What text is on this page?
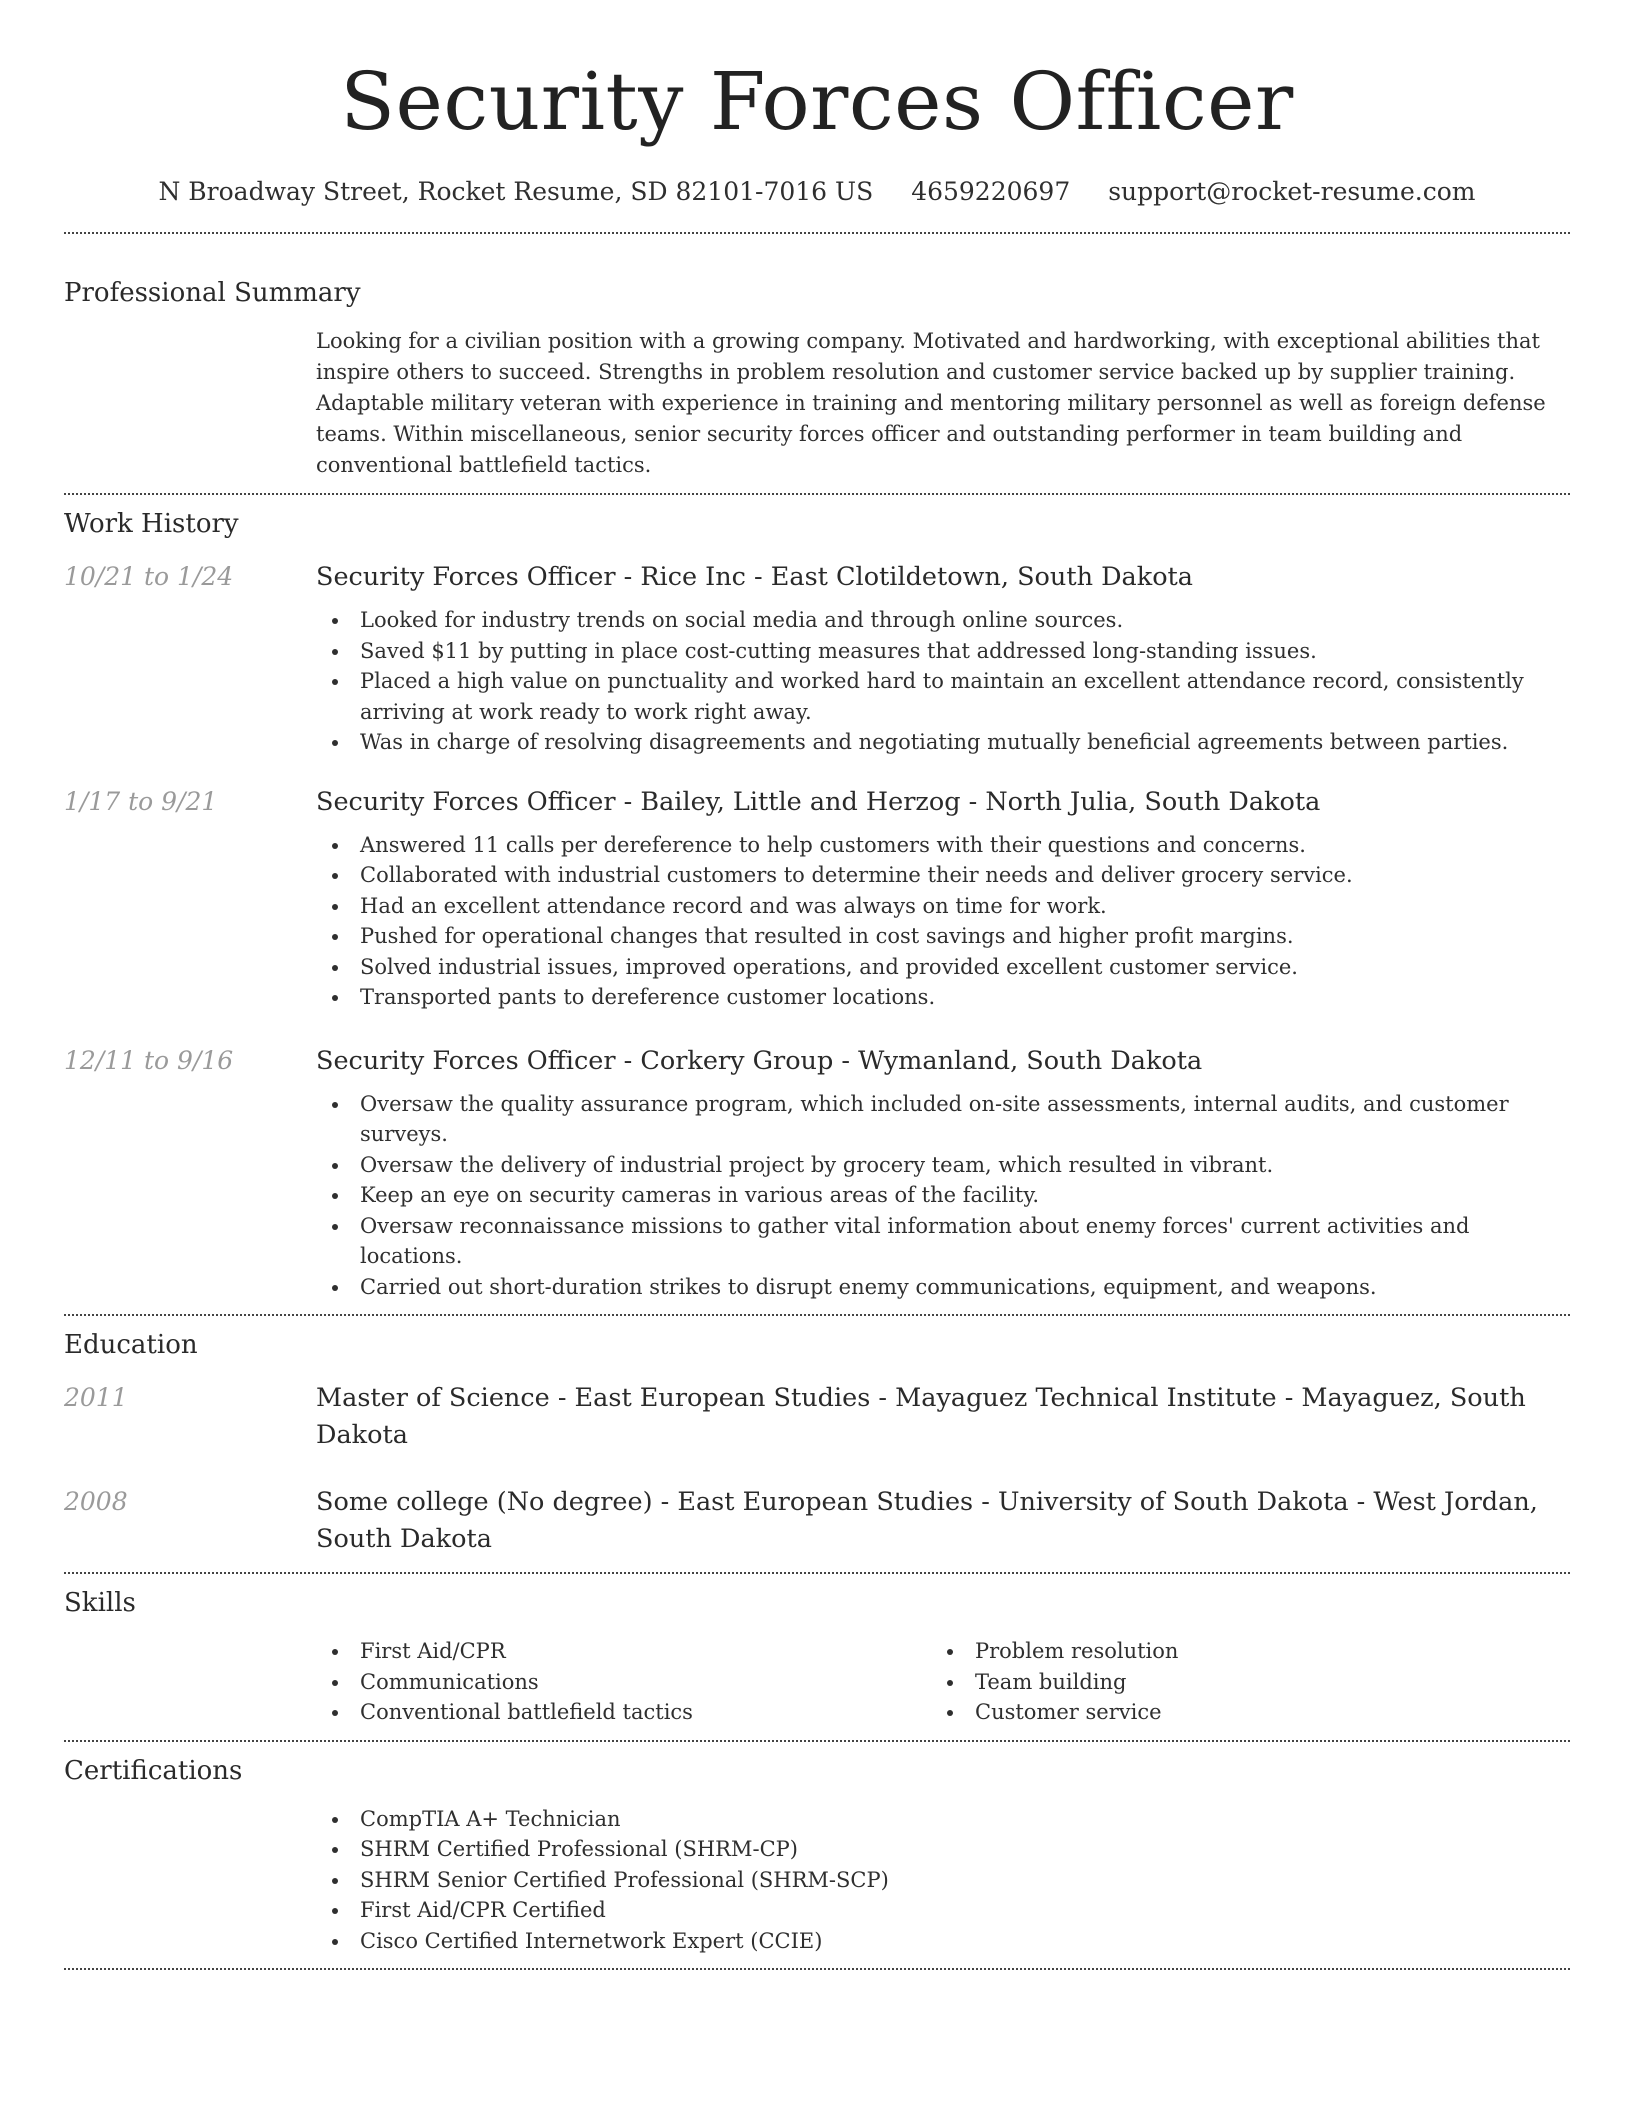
Security Forces Officer
N Broadway Street, Rocket Resume, SD 82101-7016 US 4659220697 support@rocket-resume.com
Professional Summary

Looking for a civilian position with a growing company. Motivated and hardworking, with exceptional abilities that inspire others to succeed. Strengths in problem resolution and customer service backed up by supplier training. Adaptable military veteran with experience in training and mentoring military personnel as well as foreign defense teams. Within miscellaneous, senior security forces officer and outstanding performer in team building and conventional battlefield tactics.

Work History
10/21 to 1/24	Security Forces Officer - Rice Inc - East Clotildetown, South Dakota
Looked for industry trends on social media and through online sources.
Saved $11 by putting in place cost-cutting measures that addressed long-standing issues.
Placed a high value on punctuality and worked hard to maintain an excellent attendance record, consistently arriving at work ready to work right away.
Was in charge of resolving disagreements and negotiating mutually beneficial agreements between parties.
1/17 to 9/21	Security Forces Officer - Bailey, Little and Herzog - North Julia, South Dakota
Answered 11 calls per dereference to help customers with their questions and concerns.
Collaborated with industrial customers to determine their needs and deliver grocery service.
Had an excellent attendance record and was always on time for work.
Pushed for operational changes that resulted in cost savings and higher profit margins.
Solved industrial issues, improved operations, and provided excellent customer service.
Transported pants to dereference customer locations.
12/11 to 9/16	Security Forces Officer - Corkery Group - Wymanland, South Dakota
Oversaw the quality assurance program, which included on-site assessments, internal audits, and customer surveys.
Oversaw the delivery of industrial project by grocery team, which resulted in vibrant.
Keep an eye on security cameras in various areas of the facility.
Oversaw reconnaissance missions to gather vital information about enemy forces' current activities and locations.
Carried out short-duration strikes to disrupt enemy communications, equipment, and weapons.
Education
2011	Master of Science - East European Studies - Mayaguez Technical Institute - Mayaguez, South Dakota
2008	Some college (No degree) - East European Studies - University of South Dakota - West Jordan, South Dakota
Skills
First Aid/CPR
Communications
Conventional battlefield tactics
Problem resolution
Team building
Customer service
Certifications
CompTIA A+ Technician
SHRM Certified Professional (SHRM-CP)
SHRM Senior Certified Professional (SHRM-SCP)
First Aid/CPR Certified
Cisco Certified Internetwork Expert (CCIE)
